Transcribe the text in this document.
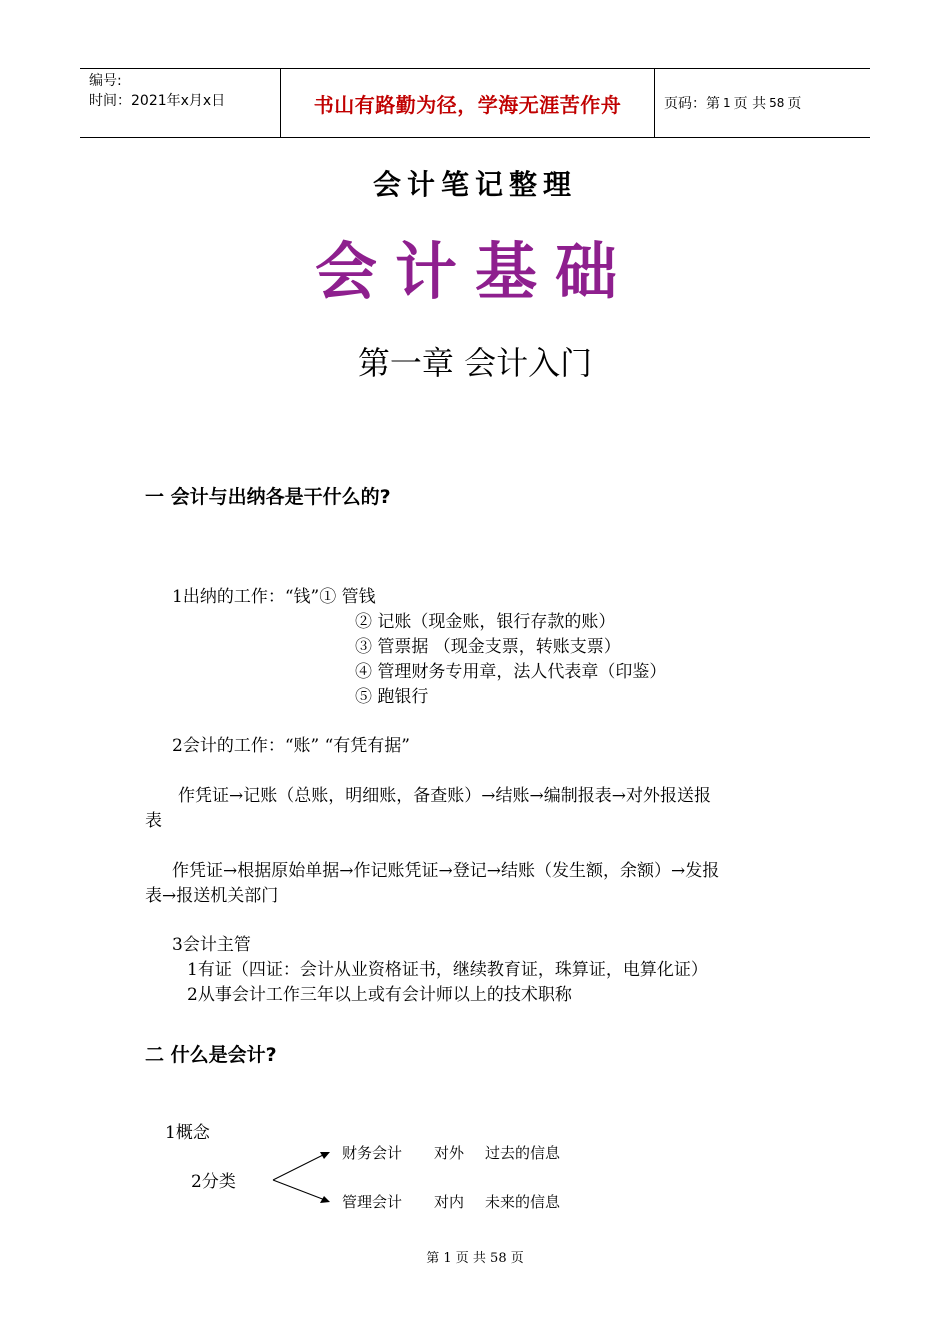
编号:
时间：2021年x月x日	书山有路勤为径，学海无涯苦作舟	页码：第 1 页 共 58 页
会计笔记整理
会计基础
第一章 会计入门
一 会计与出纳各是干什么的?
1出纳的工作：“钱”① 管钱
② 记账（现金账，银行存款的账）
③ 管票据 （现金支票，转账支票）
④ 管理财务专用章，法人代表章（印鉴）
⑤ 跑银行
2会计的工作：“账” “有凭有据”
作凭证→记账（总账，明细账，备查账）→结账→编制报表→对外报送报
表
作凭证→根据原始单据→作记账凭证→登记→结账（发生额，余额）→发报
表→报送机关部门
3会计主管
1有证（四证：会计从业资格证书，继续教育证，珠算证，电算化证）
2从事会计工作三年以上或有会计师以上的技术职称
二 什么是会计?
1概念
2分类
财务会计 对外 过去的信息
管理会计 对内 未来的信息
第 1 页 共 58 页
